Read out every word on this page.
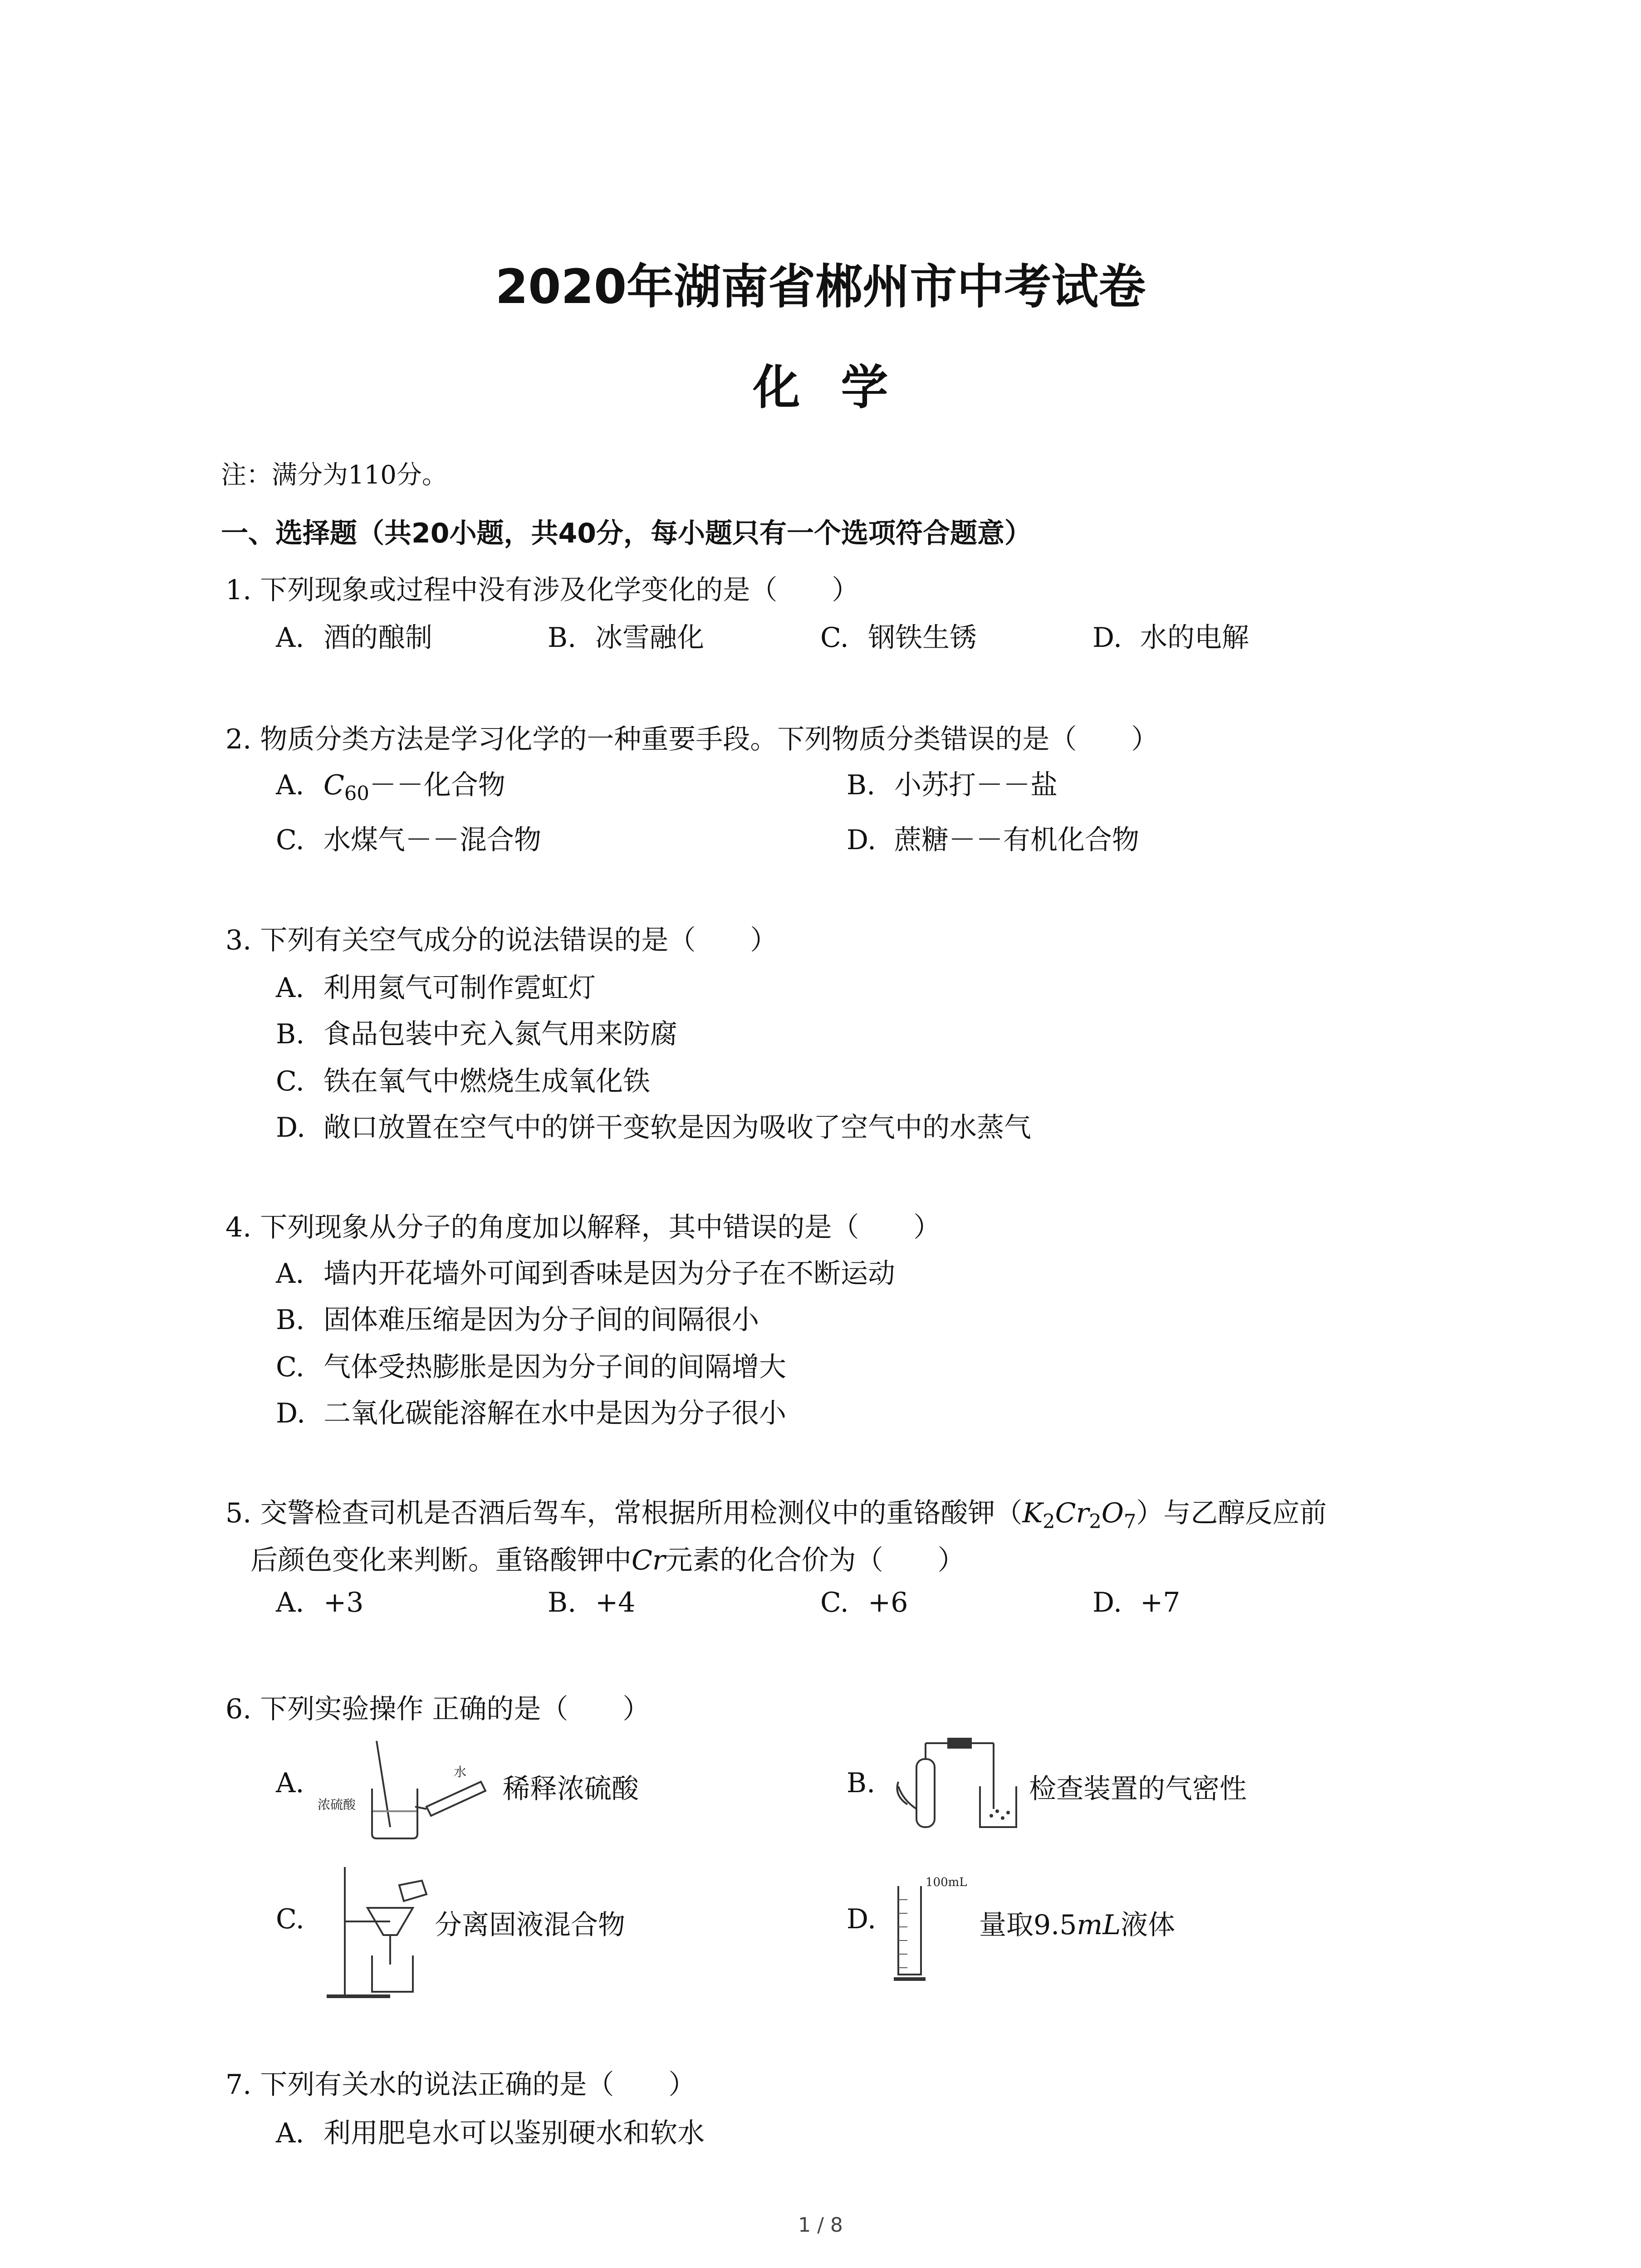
2020年湖南省郴州市中考试卷
化学
注：满分为110分。
一、选择题（共20小题，共40分，每小题只有一个选项符合题意）
1. 下列现象或过程中没有涉及化学变化的是（　　）
A. 酒的酿制	B. 冰雪融化	C. 钢铁生锈	D. 水的电解
2. 物质分类方法是学习化学的一种重要手段。下列物质分类错误的是（　　）
A. $C_{60}--$化合物	B. 小苏打－－盐
C. 水煤气－－混合物	D. 蔗糖－－有机化合物
3. 下列有关空气成分的说法错误的是（　　）
A. 利用氦气可制作霓虹灯
B. 食品包装中充入氮气用来防腐
C. 铁在氧气中燃烧生成氧化铁
D. 敞口放置在空气中的饼干变软是因为吸收了空气中的水蒸气
4. 下列现象从分子的角度加以解释，其中错误的是（　　）
A. 墙内开花墙外可闻到香味是因为分子在不断运动
B. 固体难压缩是因为分子间的间隔很小
C. 气体受热膨胀是因为分子间的间隔增大
D. 二氧化碳能溶解在水中是因为分子很小
5. 交警检查司机是否酒后驾车，常根据所用检测仪中的重铬酸钾$(K_2Cr_2O_7)$与乙醇反应前
后颜色变化来判断。重铬酸钾中Cr元素的化合价为（　　）
A. +3	B. +4	C. +6	D. +7
6. 下列实验操作 正确的是（　　）
A.	水
浓硫酸	稀释浓硫酸	B.	检查装置的气密性
C.	分离固液混合物	D.
100mL
量取9.5mL液体
7. 下列有关水的说法正确的是（　　）
A. 利用肥皂水可以鉴别硬水和软水
1 / 8
